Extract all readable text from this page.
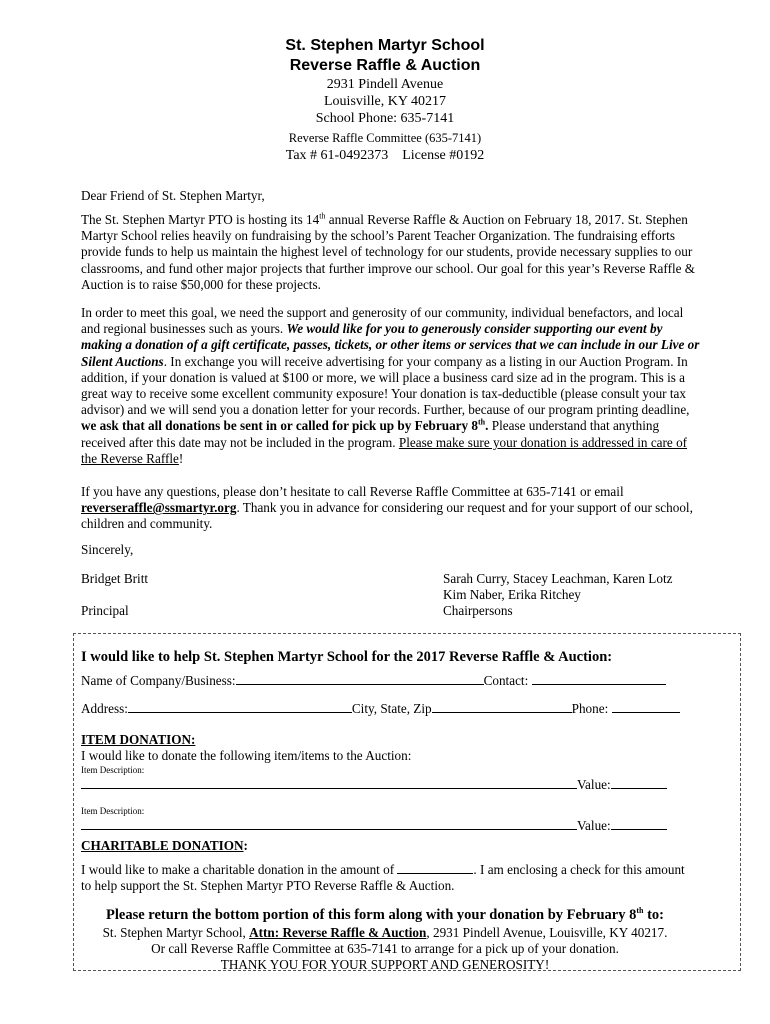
St. Stephen Martyr School
Reverse Raffle & Auction
2931 Pindell Avenue
Louisville, KY 40217
School Phone: 635-7141
Reverse Raffle Committee (635-7141)
Tax # 61-0492373 License #0192
Dear Friend of St. Stephen Martyr,

The St. Stephen Martyr PTO is hosting its 14th annual Reverse Raffle & Auction on February 18, 2017. St. Stephen Martyr School relies heavily on fundraising by the school’s Parent Teacher Organization. The fundraising efforts provide funds to help us maintain the highest level of technology for our students, provide necessary supplies to our classrooms, and fund other major projects that further improve our school. Our goal for this year’s Reverse Raffle & Auction is to raise $50,000 for these projects.

In order to meet this goal, we need the support and generosity of our community, individual benefactors, and local and regional businesses such as yours. We would like for you to generously consider supporting our event by making a donation of a gift certificate, passes, tickets, or other items or services that we can include in our Live or Silent Auctions. In exchange you will receive advertising for your company as a listing in our Auction Program. In addition, if your donation is valued at $100 or more, we will place a business card size ad in the program. This is a great way to receive some excellent community exposure! Your donation is tax-deductible (please consult your tax advisor) and we will send you a donation letter for your records. Further, because of our program printing deadline, we ask that all donations be sent in or called for pick up by February 8th. Please understand that anything received after this date may not be included in the program. Please make sure your donation is addressed in care of the Reverse Raffle!

If you have any questions, please don’t hesitate to call Reverse Raffle Committee at 635-7141 or email reverseraffle@ssmartyr.org. Thank you in advance for considering our request and for your support of our school, children and community.

Sincerely,
Bridget Britt
Principal
Sarah Curry, Stacey Leachman, Karen Lotz
Kim Naber, Erika Ritchey
Chairpersons
I would like to help St. Stephen Martyr School for the 2017 Reverse Raffle & Auction:
Name of Company/Business:	Contact:
Address:	City, State, Zip	Phone:
ITEM DONATION:
I would like to donate the following item/items to the Auction:
Item Description:
Value:
Item Description:
Value:
CHARITABLE DONATION:

I would like to make a charitable donation in the amount of	. I am enclosing a check for this amount to help support the St. Stephen Martyr PTO Reverse Raffle & Auction.

Please return the bottom portion of this form along with your donation by February 8th to:
St. Stephen Martyr School, Attn: Reverse Raffle & Auction, 2931 Pindell Avenue, Louisville, KY 40217.
Or call Reverse Raffle Committee at 635-7141 to arrange for a pick up of your donation.
THANK YOU FOR YOUR SUPPORT AND GENEROSITY!
